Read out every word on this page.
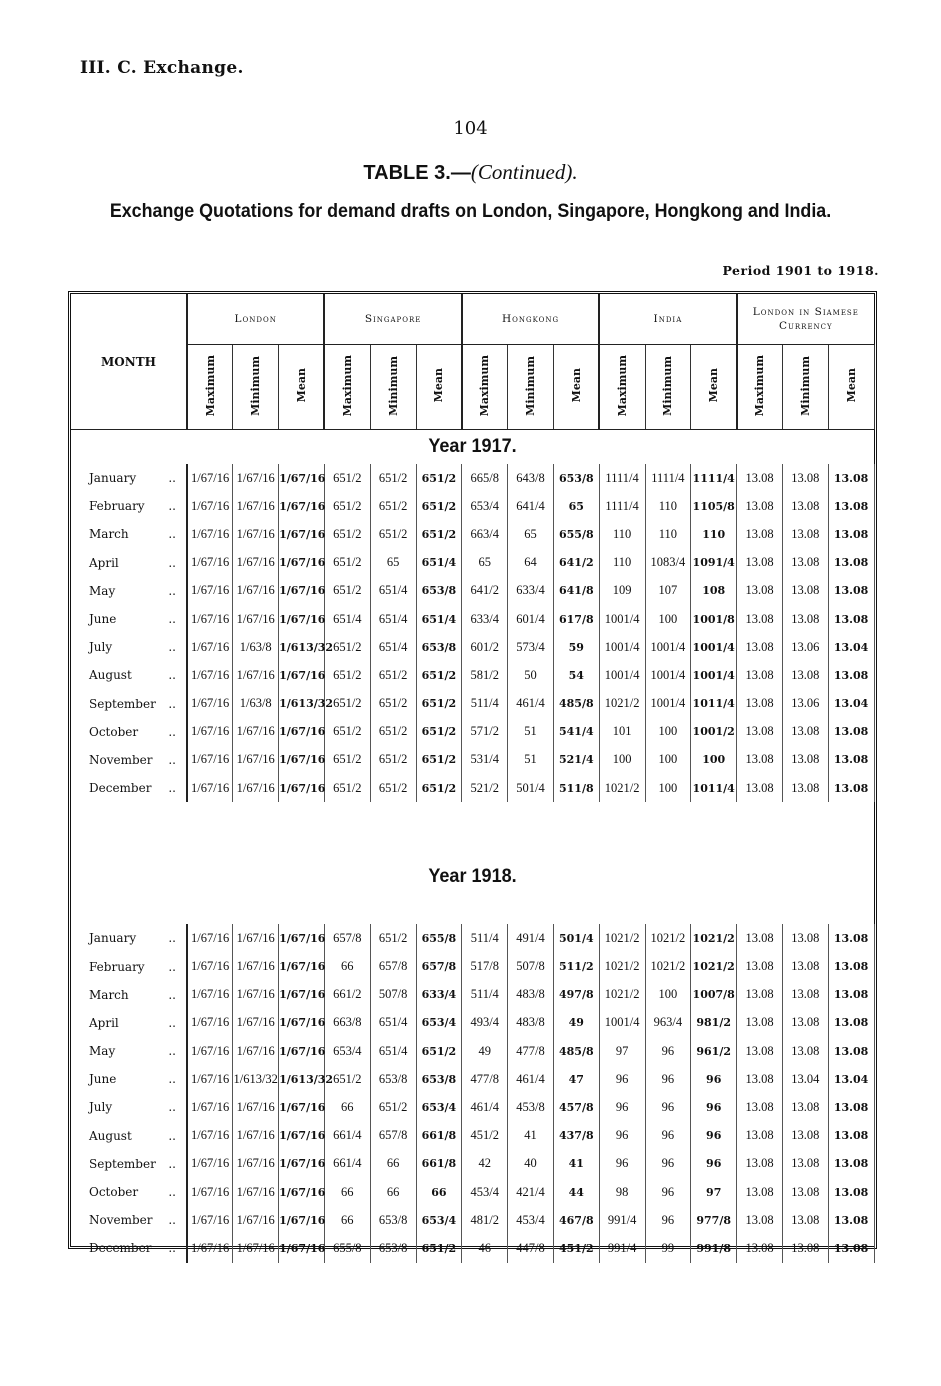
III. C. Exchange.
104
TABLE 3.—(Continued).
Exchange Quotations for demand drafts on London, Singapore, Hongkong and India.
Period 1901 to 1918.
MONTH	London			Singapore			Hongkong			India			London in Siamese Currency		
	Maximum	Minimum	Mean	Maximum	Minimum	Mean	Maximum	Minimum	Mean	Maximum	Minimum	Mean	Maximum	Minimum	Mean
Year 1917.															

..
January	1/67/16	1/67/16	1/67/16	651/2	651/2	651/2	665/8	643/8	653/8	1111/4	1111/4	1111/4	13.08	13.08	13.08

..
February	1/67/16	1/67/16	1/67/16	651/2	651/2	651/2	653/4	641/4	65	1111/4	110	1105/8	13.08	13.08	13.08

..
March	1/67/16	1/67/16	1/67/16	651/2	651/2	651/2	663/4	65	655/8	110	110	110	13.08	13.08	13.08

..
April	1/67/16	1/67/16	1/67/16	651/2	65	651/4	65	64	641/2	110	1083/4	1091/4	13.08	13.08	13.08

..
May	1/67/16	1/67/16	1/67/16	651/2	651/4	653/8	641/2	633/4	641/8	109	107	108	13.08	13.08	13.08

..
June	1/67/16	1/67/16	1/67/16	651/4	651/4	651/4	633/4	601/4	617/8	1001/4	100	1001/8	13.08	13.08	13.08

..
July	1/67/16	1/63/8	1/613/32	651/2	651/4	653/8	601/2	573/4	59	1001/4	1001/4	1001/4	13.08	13.06	13.04

..
August	1/67/16	1/67/16	1/67/16	651/2	651/2	651/2	581/2	50	54	1001/4	1001/4	1001/4	13.08	13.08	13.08

..
September	1/67/16	1/63/8	1/613/32	651/2	651/2	651/2	511/4	461/4	485/8	1021/2	1001/4	1011/4	13.08	13.06	13.04

..
October	1/67/16	1/67/16	1/67/16	651/2	651/2	651/2	571/2	51	541/4	101	100	1001/2	13.08	13.08	13.08

..
November	1/67/16	1/67/16	1/67/16	651/2	651/2	651/2	531/4	51	521/4	100	100	100	13.08	13.08	13.08

..
December	1/67/16	1/67/16	1/67/16	651/2	651/2	651/2	521/2	501/4	511/8	1021/2	100	1011/4	13.08	13.08	13.08
Year 1918.															

..
January	1/67/16	1/67/16	1/67/16	657/8	651/2	655/8	511/4	491/4	501/4	1021/2	1021/2	1021/2	13.08	13.08	13.08

..
February	1/67/16	1/67/16	1/67/16	66	657/8	657/8	517/8	507/8	511/2	1021/2	1021/2	1021/2	13.08	13.08	13.08

..
March	1/67/16	1/67/16	1/67/16	661/2	507/8	633/4	511/4	483/8	497/8	1021/2	100	1007/8	13.08	13.08	13.08

..
April	1/67/16	1/67/16	1/67/16	663/8	651/4	653/4	493/4	483/8	49	1001/4	963/4	981/2	13.08	13.08	13.08

..
May	1/67/16	1/67/16	1/67/16	653/4	651/4	651/2	49	477/8	485/8	97	96	961/2	13.08	13.08	13.08

..
June	1/67/16	1/613/32	1/613/32	651/2	653/8	653/8	477/8	461/4	47	96	96	96	13.08	13.04	13.04

..
July	1/67/16	1/67/16	1/67/16	66	651/2	653/4	461/4	453/8	457/8	96	96	96	13.08	13.08	13.08

..
August	1/67/16	1/67/16	1/67/16	661/4	657/8	661/8	451/2	41	437/8	96	96	96	13.08	13.08	13.08

..
September	1/67/16	1/67/16	1/67/16	661/4	66	661/8	42	40	41	96	96	96	13.08	13.08	13.08

..
October	1/67/16	1/67/16	1/67/16	66	66	66	453/4	421/4	44	98	96	97	13.08	13.08	13.08

..
November	1/67/16	1/67/16	1/67/16	66	653/8	653/4	481/2	453/4	467/8	991/4	96	977/8	13.08	13.08	13.08

..
December	1/67/16	1/67/16	1/67/16	655/8	653/8	651/2	46	447/8	451/2	991/4	99	991/8	13.08	13.08	13.08
